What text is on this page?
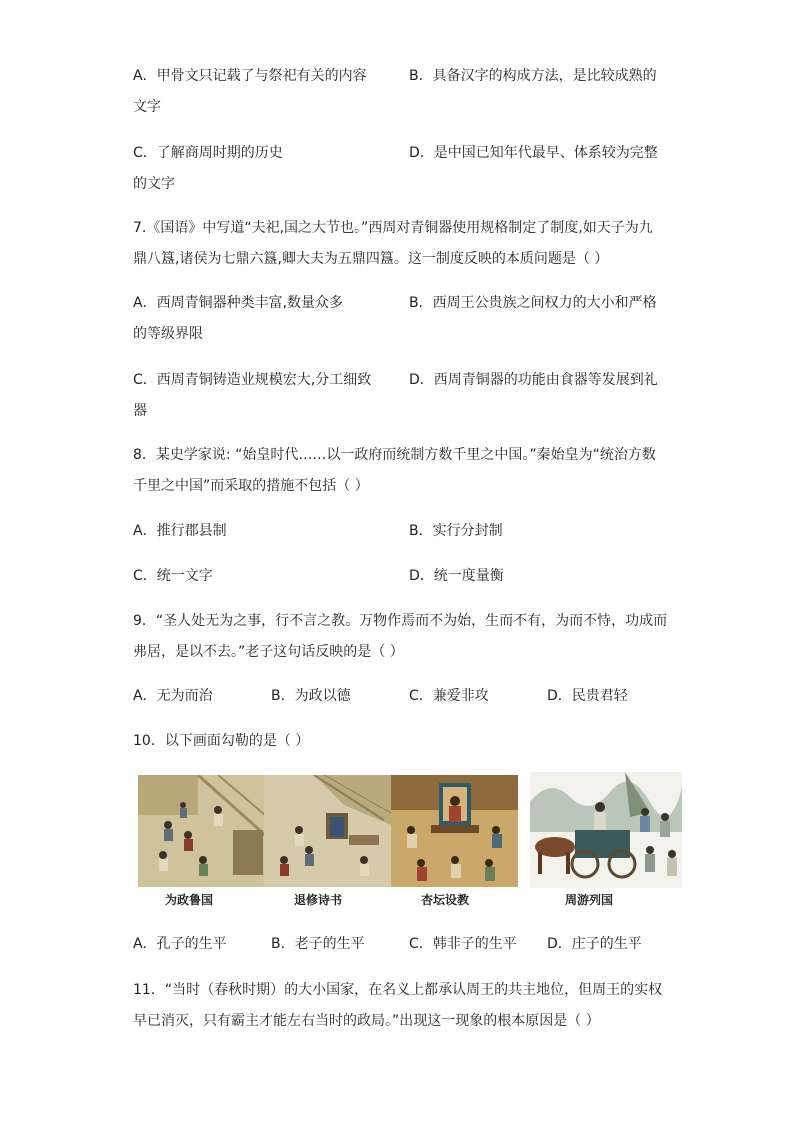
A．甲骨文只记载了与祭祀有关的内容	B．具备汉字的构成方法，是比较成熟的
文字
C．了解商周时期的历史	D．是中国已知年代最早、体系较为完整
的文字
7.《国语》中写道“夫祀,国之大节也。”西周对青铜器使用规格制定了制度,如天子为九
鼎八簋,诸侯为七鼎六簋,卿大夫为五鼎四簋。这一制度反映的本质问题是（ ）
A．西周青铜器种类丰富,数量众多	B．西周王公贵族之间权力的大小和严格
的等级界限
C．西周青铜铸造业规模宏大,分工细致	D．西周青铜器的功能由食器等发展到礼
器
8．某史学家说: “始皇时代……以一政府而统制方数千里之中国。”秦始皇为“统治方数
千里之中国”而采取的措施不包括（ ）
A．推行郡县制	B．实行分封制
C．统一文字	D．统一度量衡
9．“圣人处无为之事，行不言之教。万物作焉而不为始，生而不有，为而不恃，功成而
弗居，是以不去。”老子这句话反映的是（ ）
A．无为而治	B．为政以德	C．兼爱非攻	D．民贵君轻
10．以下画面勾勒的是（ ）
为政鲁国	退修诗书	杏坛设教	周游列国
A．孔子的生平	B．老子的生平	C．韩非子的生平 D．庄子的生平
11．“当时（春秋时期）的大小国家，在名义上都承认周王的共主地位，但周王的实权
早已消灭，只有霸主才能左右当时的政局。”出现这一现象的根本原因是（ ）
